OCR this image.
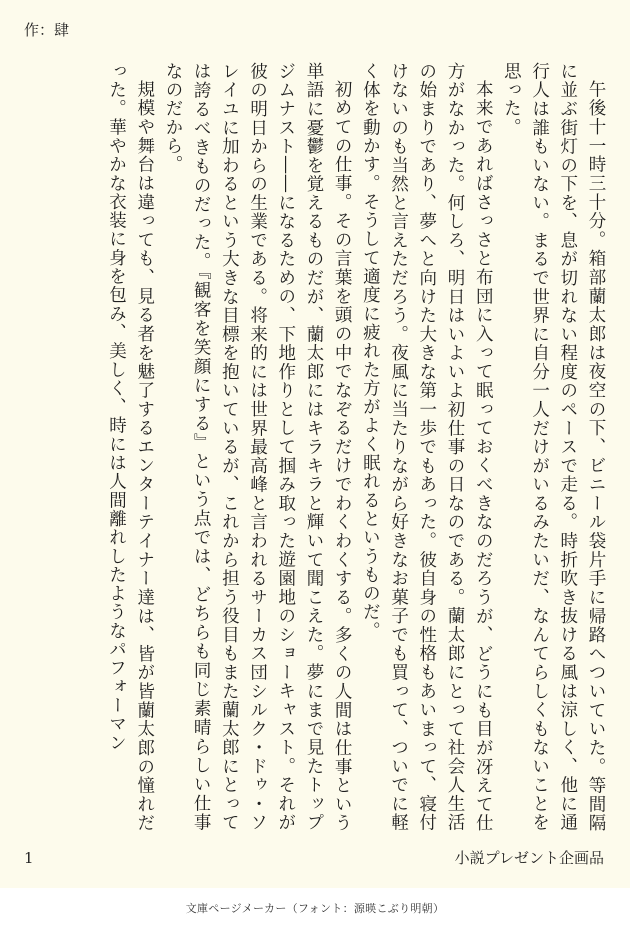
作：肆

午後十一時三十分。箱部蘭太郎は夜空の下、ビニール袋片手に帰路へついていた。等間隔に並ぶ街灯の下を、息が切れない程度のペースで走る。時折吹き抜ける風は涼しく、他に通行人は誰もいない。まるで世界に自分一人だけがいるみたいだ、なんてらしくもないことを思った。

本来であればさっさと布団に入って眠っておくべきなのだろうが、どうにも目が冴えて仕方がなかった。何しろ、明日はいよいよ初仕事の日なのである。蘭太郎にとって社会人生活の始まりであり、夢へと向けた大きな第一歩でもあった。彼自身の性格もあいまって、寝付けないのも当然と言えただろう。夜風に当たりながら好きなお菓子でも買って、ついでに軽く体を動かす。そうして適度に疲れた方がよく眠れるというものだ。

初めての仕事。その言葉を頭の中でなぞるだけでわくわくする。多くの人間は仕事という単語に憂鬱を覚えるものだが、蘭太郎にはキラキラと輝いて聞こえた。夢にまで見たトップジムナスト――になるための、下地作りとして掴み取った遊園地のショーキャスト。それが彼の明日からの生業である。将来的には世界最高峰と言われるサーカス団シルク・ドゥ・ソレイユに加わるという大きな目標を抱いているが、これから担う役目もまた蘭太郎にとっては誇るべきものだった。『観客を笑顔にする』という点では、どちらも同じ素晴らしい仕事なのだから。

規模や舞台は違っても、見る者を魅了するエンターテイナー達は、皆が皆蘭太郎の憧れだった。華やかな衣装に身を包み、美しく、時には人間離れしたようなパフォーマン

1	小説プレゼント企画品
文庫ページメーカー（フォント：源暎こぶり明朝）
